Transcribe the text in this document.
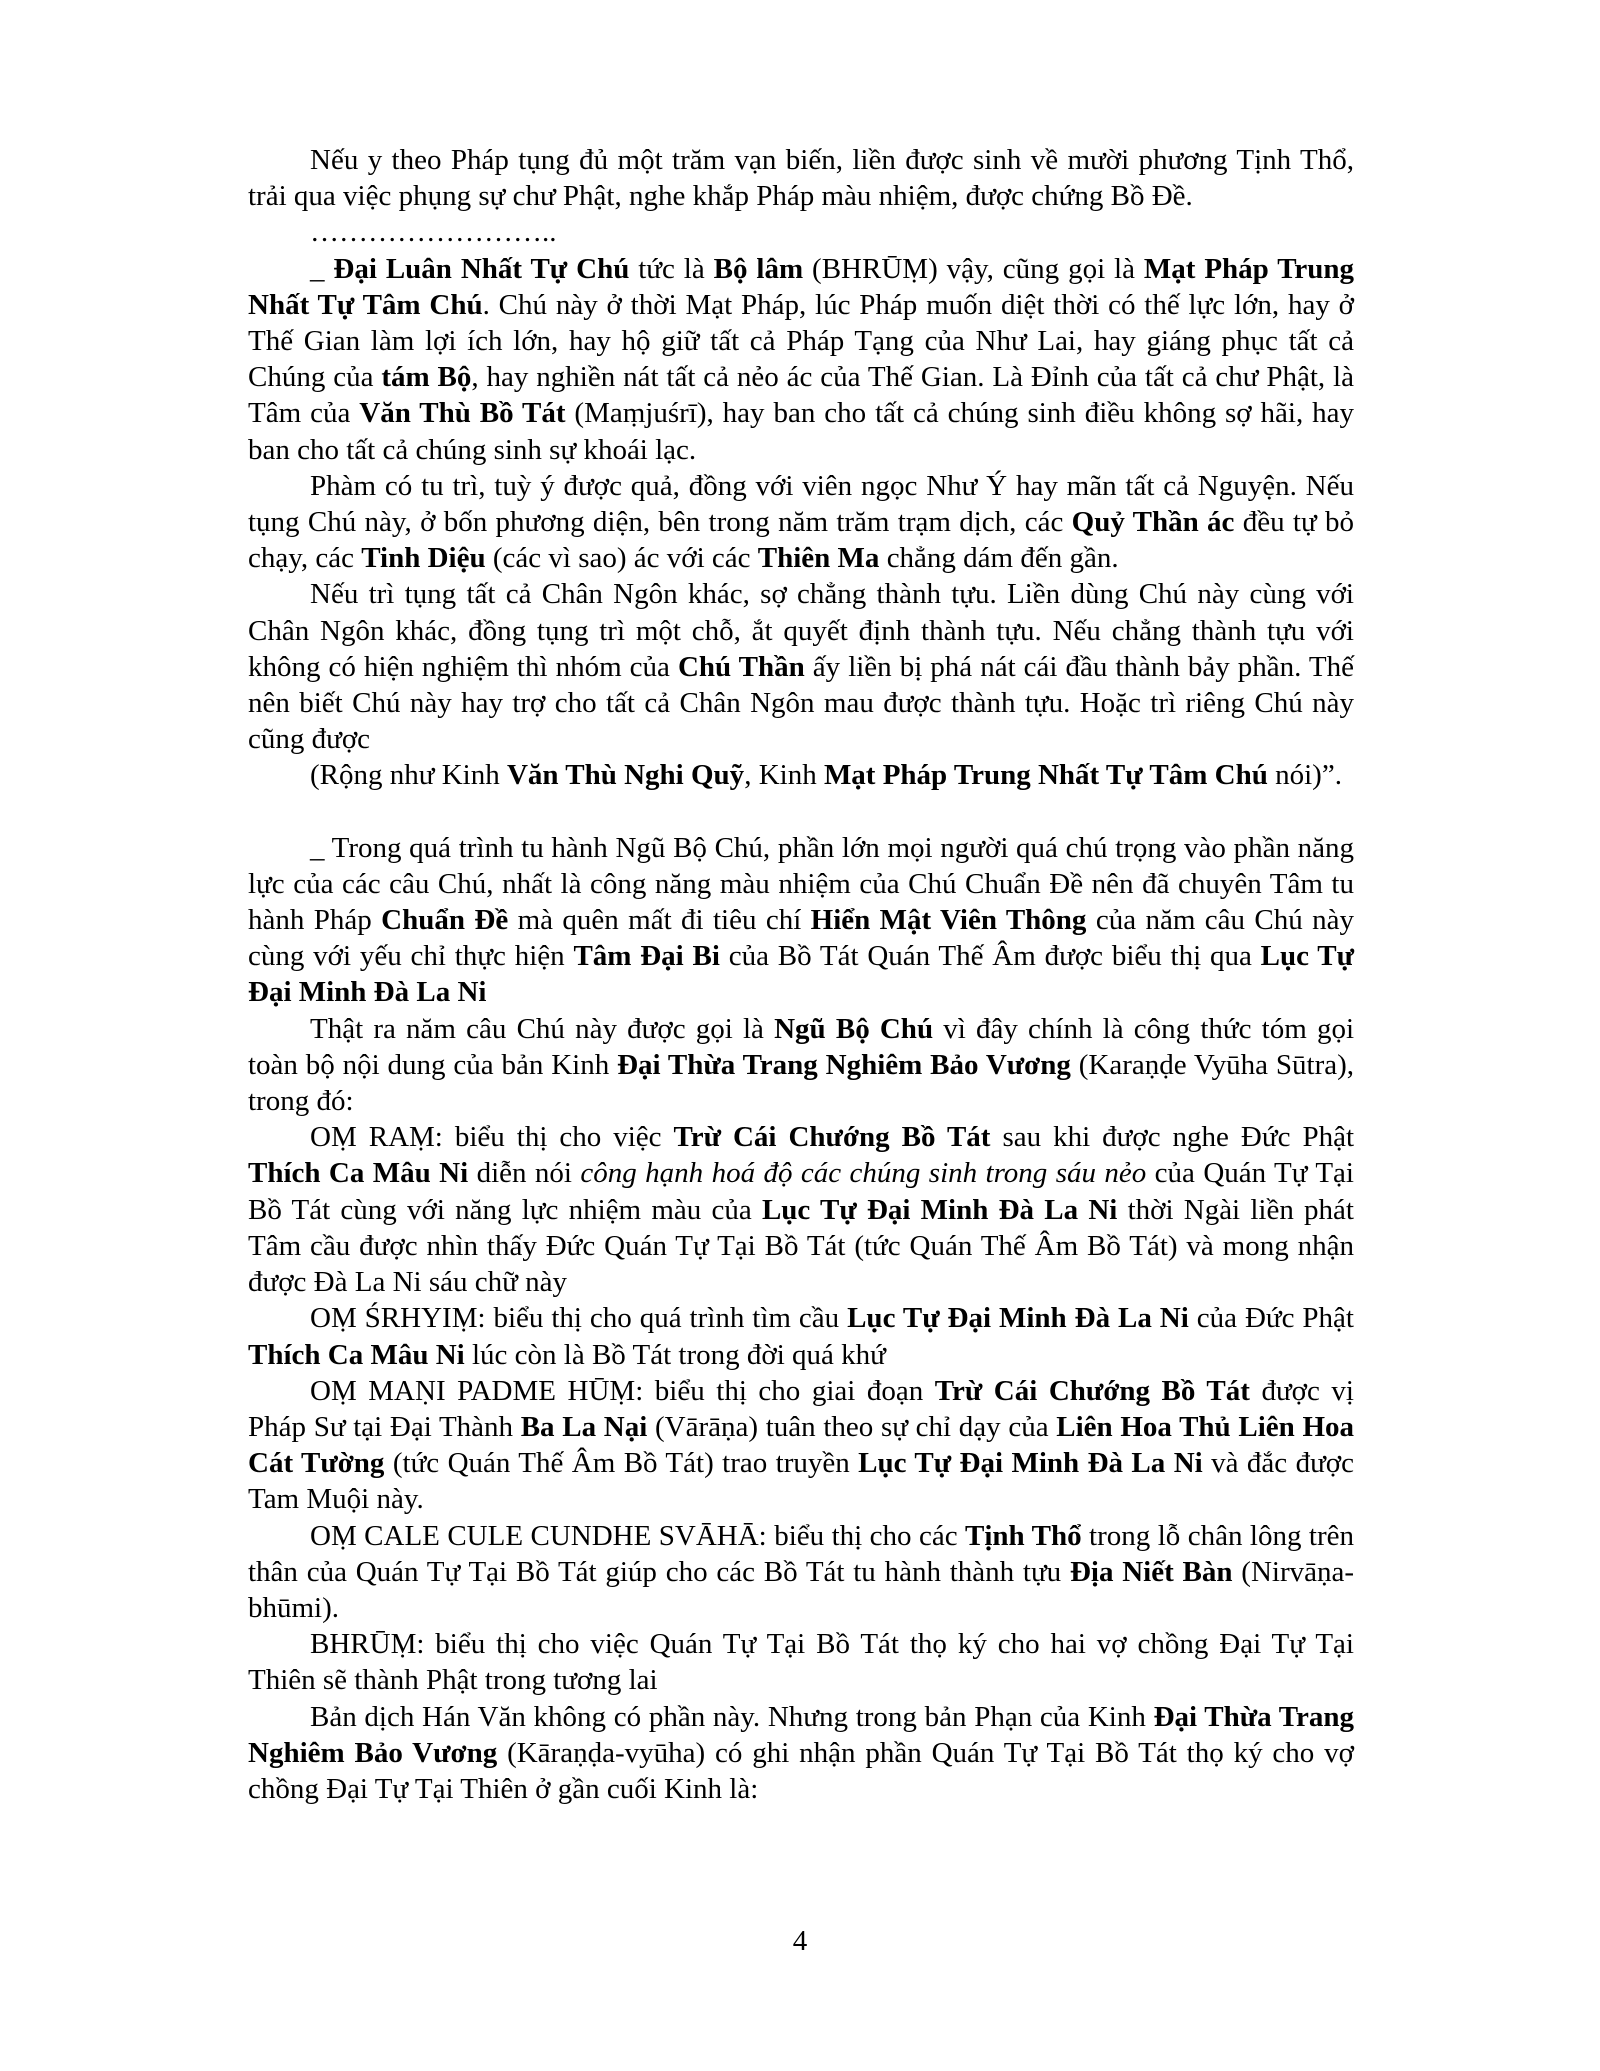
Nếu y theo Pháp tụng đủ một trăm vạn biến, liền được sinh về mười phương Tịnh Thổ, trải qua việc phụng sự chư Phật, nghe khắp Pháp màu nhiệm, được chứng Bồ Đề.

……………………..

_ Đại Luân Nhất Tự Chú tức là Bộ lâm (BHRŪṂ) vậy, cũng gọi là Mạt Pháp Trung Nhất Tự Tâm Chú. Chú này ở thời Mạt Pháp, lúc Pháp muốn diệt thời có thế lực lớn, hay ở Thế Gian làm lợi ích lớn, hay hộ giữ tất cả Pháp Tạng của Như Lai, hay giáng phục tất cả Chúng của tám Bộ, hay nghiền nát tất cả nẻo ác của Thế Gian. Là Đỉnh của tất cả chư Phật, là Tâm của Văn Thù Bồ Tát (Maṃjuśrī), hay ban cho tất cả chúng sinh điều không sợ hãi, hay ban cho tất cả chúng sinh sự khoái lạc.

Phàm có tu trì, tuỳ ý được quả, đồng với viên ngọc Như Ý hay mãn tất cả Nguyện. Nếu tụng Chú này, ở bốn phương diện, bên trong năm trăm trạm dịch, các Quỷ Thần ác đều tự bỏ chạy, các Tinh Diệu (các vì sao) ác với các Thiên Ma chẳng dám đến gần.

Nếu trì tụng tất cả Chân Ngôn khác, sợ chẳng thành tựu. Liền dùng Chú này cùng với Chân Ngôn khác, đồng tụng trì một chỗ, ắt quyết định thành tựu. Nếu chẳng thành tựu với không có hiện nghiệm thì nhóm của Chú Thần ấy liền bị phá nát cái đầu thành bảy phần. Thế nên biết Chú này hay trợ cho tất cả Chân Ngôn mau được thành tựu. Hoặc trì riêng Chú này cũng được

(Rộng như Kinh Văn Thù Nghi Quỹ, Kinh Mạt Pháp Trung Nhất Tự Tâm Chú nói)”.

_ Trong quá trình tu hành Ngũ Bộ Chú, phần lớn mọi người quá chú trọng vào phần năng lực của các câu Chú, nhất là công năng màu nhiệm của Chú Chuẩn Đề nên đã chuyên Tâm tu hành Pháp Chuẩn Đề mà quên mất đi tiêu chí Hiển Mật Viên Thông của năm câu Chú này cùng với yếu chỉ thực hiện Tâm Đại Bi của Bồ Tát Quán Thế Âm được biểu thị qua Lục Tự Đại Minh Đà La Ni

Thật ra năm câu Chú này được gọi là Ngũ Bộ Chú vì đây chính là công thức tóm gọi toàn bộ nội dung của bản Kinh Đại Thừa Trang Nghiêm Bảo Vương (Karaṇḍe Vyūha Sūtra), trong đó:

OṂ RAṂ: biểu thị cho việc Trừ Cái Chướng Bồ Tát sau khi được nghe Đức Phật Thích Ca Mâu Ni diễn nói công hạnh hoá độ các chúng sinh trong sáu nẻo của Quán Tự Tại Bồ Tát cùng với năng lực nhiệm màu của Lục Tự Đại Minh Đà La Ni thời Ngài liền phát Tâm cầu được nhìn thấy Đức Quán Tự Tại Bồ Tát (tức Quán Thế Âm Bồ Tát) và mong nhận được Đà La Ni sáu chữ này

OṂ ŚRHYIṂ: biểu thị cho quá trình tìm cầu Lục Tự Đại Minh Đà La Ni của Đức Phật Thích Ca Mâu Ni lúc còn là Bồ Tát trong đời quá khứ

OṂ MAṆI PADME HŪṂ: biểu thị cho giai đoạn Trừ Cái Chướng Bồ Tát được vị Pháp Sư tại Đại Thành Ba La Nại (Vārāṇa) tuân theo sự chỉ dạy của Liên Hoa Thủ Liên Hoa Cát Tường (tức Quán Thế Âm Bồ Tát) trao truyền Lục Tự Đại Minh Đà La Ni và đắc được Tam Muội này.

OṂ CALE CULE CUNDHE SVĀHĀ: biểu thị cho các Tịnh Thổ trong lỗ chân lông trên thân của Quán Tự Tại Bồ Tát giúp cho các Bồ Tát tu hành thành tựu Địa Niết Bàn (Nirvāṇa-bhūmi).

BHRŪṂ: biểu thị cho việc Quán Tự Tại Bồ Tát thọ ký cho hai vợ chồng Đại Tự Tại Thiên sẽ thành Phật trong tương lai

Bản dịch Hán Văn không có phần này. Nhưng trong bản Phạn của Kinh Đại Thừa Trang Nghiêm Bảo Vương (Kāraṇḍa-vyūha) có ghi nhận phần Quán Tự Tại Bồ Tát thọ ký cho vợ chồng Đại Tự Tại Thiên ở gần cuối Kinh là:

4
